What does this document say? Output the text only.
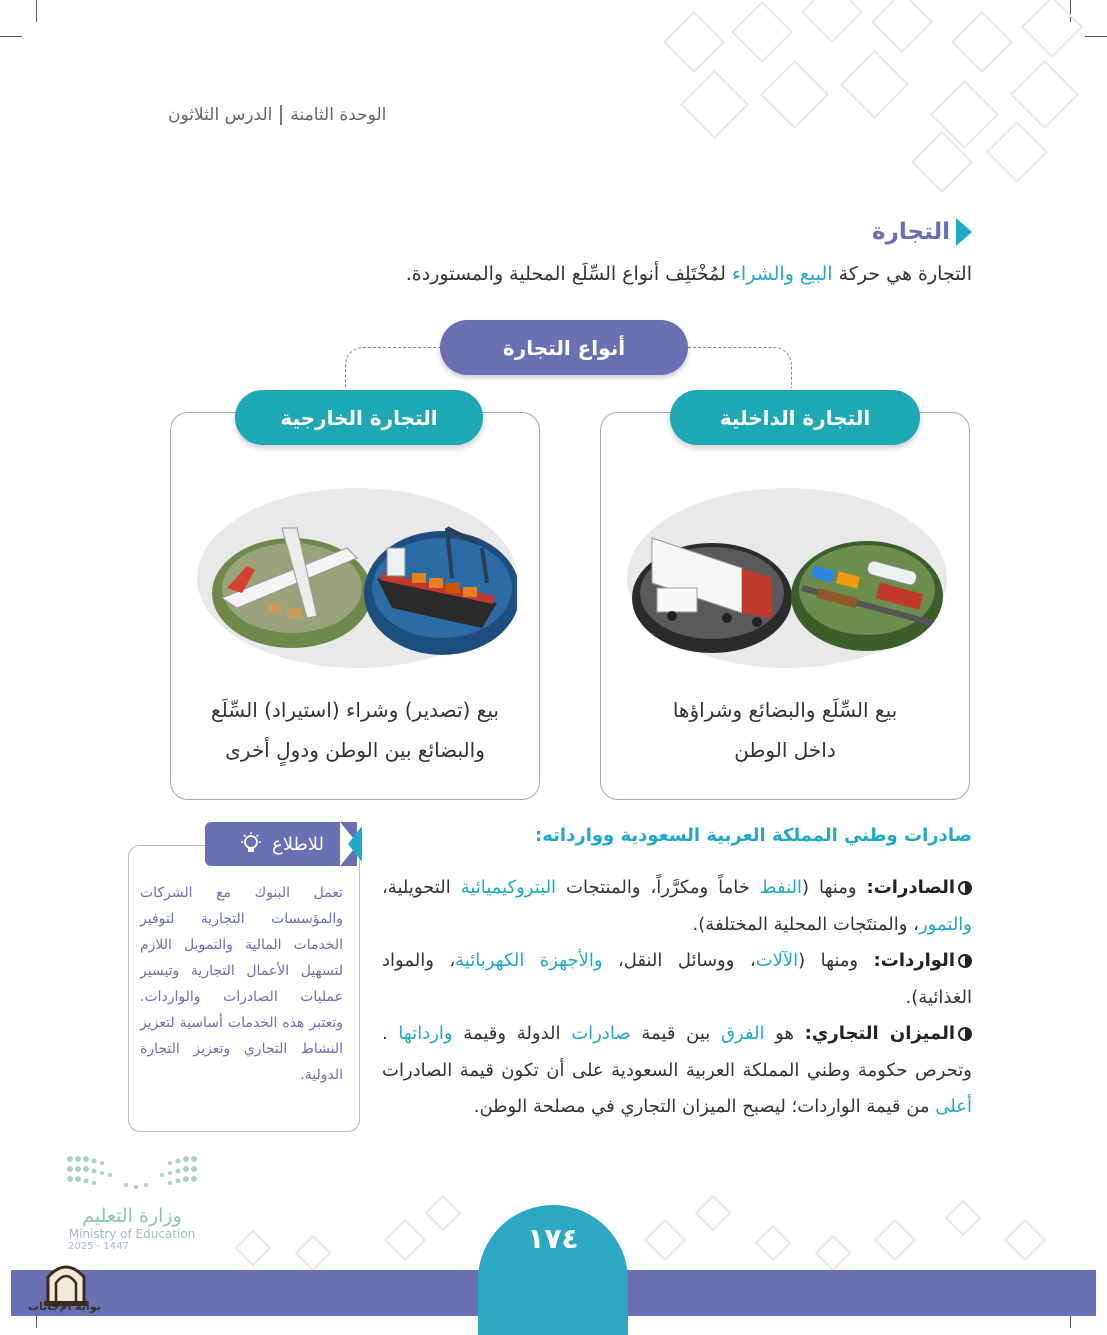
الوحدة الثامنةالدرس الثلاثون
التجارة
التجارة هي حركة البيع والشراء لمُخْتَلِف أنواع السِّلَع المحلية والمستوردة.
أنواع التجارة
التجارة الخارجية
بيع (تصدير) وشراء (استيراد) السِّلَع
والبضائع بين الوطن ودولٍ أخرى
التجارة الداخلية
بيع السِّلَع والبضائع وشراؤها
داخل الوطن
للاطلاع
تعمل البنوك مع الشركات والمؤسسات التجارية لتوفير الخدمات المالية والتمويل اللازم لتسهيل الأعمال التجارية وتيسير عمليات الصادرات والواردات. وتعتبر هذه الخدمات أساسية لتعزيز النشاط التجاري وتعزيز التجارة الدولية.
صادرات وطني المملكة العربية السعودية ووارداته:
الصادرات: ومنها (النفط خاماً ومكرَّراً، والمنتجات البتروكيميائية التحويلية، والتمور، والمنتَجات المحلية المختلفة).
الواردات: ومنها (الآلات، ووسائل النقل، والأجهزة الكهربائية، والمواد الغذائية).
الميزان التجاري: هو الفرق بين قيمة صادرات الدولة وقيمة وارداتها . وتحرص حكومة وطني المملكة العربية السعودية على أن تكون قيمة الصادرات أعلى من قيمة الواردات؛ ليصبح الميزان التجاري في مصلحة الوطن.
وزارة التعليم
Ministry of Education
2025 - 1447	١٧٤
بوابة الإجابات
